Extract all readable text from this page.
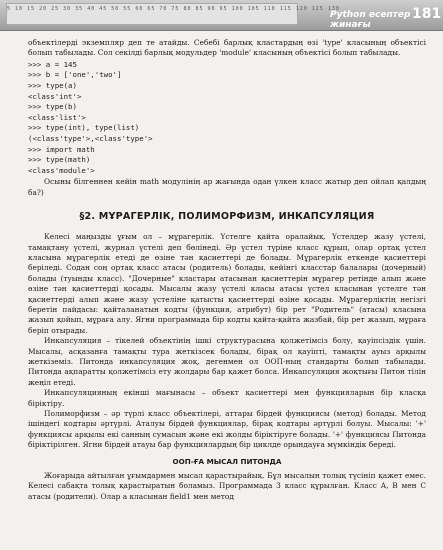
5 10 15 20 25 30 35 40 45 50 55 60 65 70 75 80 85 90 95 100 105 110 115 120 125 130
Python есептер жинағы
181

объектілерді экземпляр деп те атайды. Себебі барлық кластардың өзі 'type' класының объектісі болып табылады. Сол секілді барлық модульдер 'module' класының объектісі болып табылады.

>>> a = 145
>>> b = ['one','two']
>>> type(a)
<class'int'>
>>> type(b)
<class'list'>
>>> type(int), type(list)
(<class'type'>,<class'type'>
>>> import math
>>> type(math)
<class'module'>

Осыны білгеннен кейін math модулінің ар жағында одан үлкен класс жатыр деп ойлап қалдың ба?)

§2. МҰРАГЕРЛІК, ПОЛИМОРФИЗМ, ИНКАПСУЛЯЦИЯ

Келесі маңызды ұғым ол – мұрагерлік. Үстелге қайта оралайық. Үстелдер жазу үстелі, тамақтану үстелі, журнал үстелі деп бөлінеді. Әр үстел түріне класс құрып, олар ортақ үстел класына мұрагерлік етеді де өзіне тән қасиеттері де болады. Мұрагерлік еткенде қасиеттері беріледі. Содан соң ортақ класс атасы (родитель) болады, кейінгі класстар балалары (дочерный) болады (туынды класс). "Дочерные" кластары атасынан қасиеттерін мұрагер ретінде алып және өзіне тән қасиеттерді қосады. Мысалы жазу үстелі класы атасы үстел класынан үстелге тән қасиеттерді алып және жазу үстеліне қатысты қасиеттерді өзіне қосады. Мұрагерліктің негізгі беретін пайдасы: қайталанатын кодты (функция, атрибут) бір рет "Родитель" (атасы) класына жазып қойып, мұраға алу. Ягни программада бір кодты қайта-қайта жазбай, бір рет жазып, мұраға беріп отырады.

Инкапсуляция – тікелей объектінің ішкі структурасына қолжетімсіз болу, қауіпсіздік үшін. Мысалы, асқазанға тамақты тура жеткізсек болады, бірақ ол қауіпті, тамақты ауыз арқылы жеткіземіз. Питонда инкапсуляция жоқ, дегенмен ол ООП-ның стандарты болып табылады. Питонда ақпаратты қолжетімсіз ету жолдары бар қажет болса. Инкапсуляция жоқтығы Питон тілін жеңіл етеді.

Инкапсуляцияның екінші мағынасы – объект қасиеттері мен функцияларын бір класқа біріктіру.

Полиморфизм – әр түрлі класс объектілері, аттары бірдей функциясы (метод) болады. Метод ішіндегі кодтары әртүрлі. Аталуы бірдей функциялар, бірақ кодтары әртүрлі болуы. Мысалы: '+' функциясы арқылы екі санның сумасын және екі жолды біріктіруге болады. '+' функциясы Питонда біріктірілген. Ягни бірдей атауы бар функциялардың бір циклде орындауға мүмкіндік береді.

ООП-ҒА МЫСАЛ ПИТОНДА

Жоғарыда айтылған ұғымдармен мысал қарастырайық. Бұл мысалын толық түсініп қажет емес. Келесі сабақта толық қарастыратын боламыз. Программада 3 класс құрылған. Класс A, В мен С атасы (родители). Олар а класынан field1 мен метод
